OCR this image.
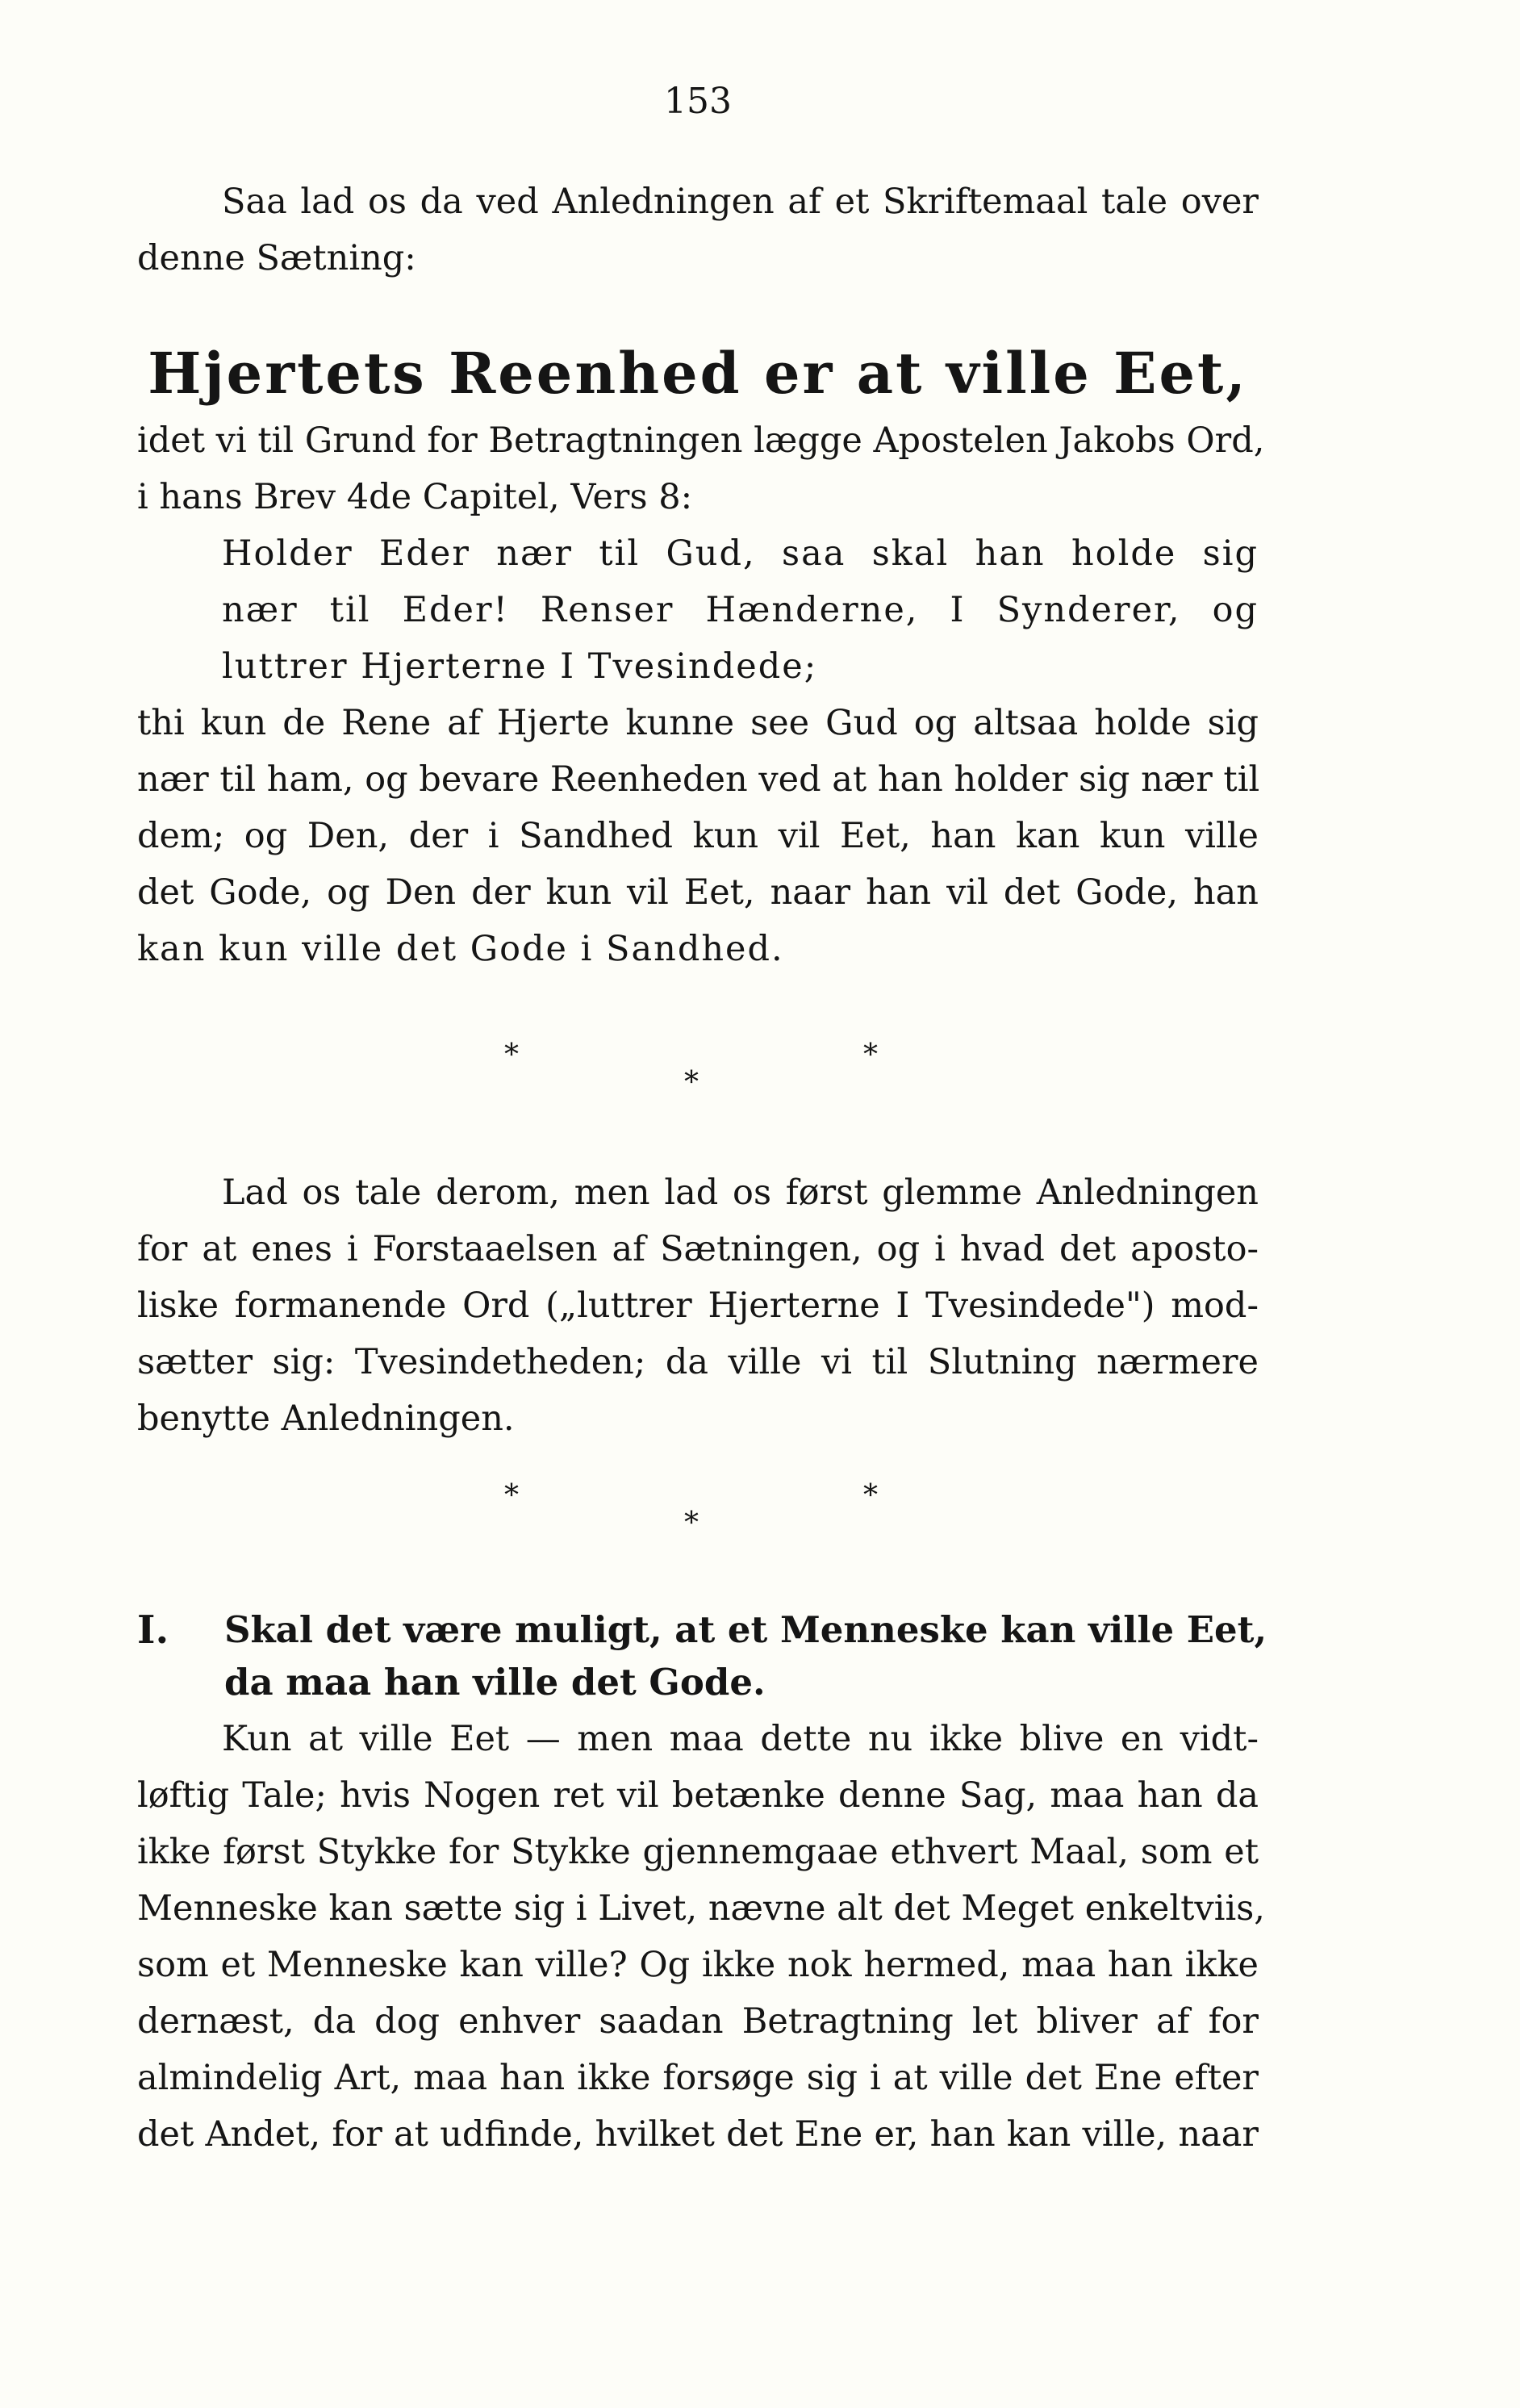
153
Saa lad os da ved Anledningen af et Skriftemaal tale over
denne Sætning:
Hjertets Reenhed er at ville Eet,
idet vi til Grund for Betragtningen lægge Apostelen Jakobs Ord,
i hans Brev 4de Capitel, Vers 8:
Holder Eder nær til Gud, saa skal han holde sig
nær til Eder! Renser Hænderne, I Synderer, og
luttrer Hjerterne I Tvesindede;
thi kun de Rene af Hjerte kunne see Gud og altsaa holde sig
nær til ham, og bevare Reenheden ved at han holder sig nær til
dem; og Den, der i Sandhed kun vil Eet, han kan kun ville
det Gode, og Den der kun vil Eet, naar han vil det Gode, han
kan kun ville det Gode i Sandhed.
*
*
*
Lad os tale derom, men lad os først glemme Anledningen
for at enes i Forstaaelsen af Sætningen, og i hvad det aposto-
liske formanende Ord („luttrer Hjerterne I Tvesindede") mod-
sætter sig: Tvesindetheden; da ville vi til Slutning nærmere
benytte Anledningen.
*
*
*
I. Skal det være muligt, at et Menneske kan ville Eet,
da maa han ville det Gode.
Kun at ville Eet — men maa dette nu ikke blive en vidt-
løftig Tale; hvis Nogen ret vil betænke denne Sag, maa han da
ikke først Stykke for Stykke gjennemgaae ethvert Maal, som et
Menneske kan sætte sig i Livet, nævne alt det Meget enkeltviis,
som et Menneske kan ville? Og ikke nok hermed, maa han ikke
dernæst, da dog enhver saadan Betragtning let bliver af for
almindelig Art, maa han ikke forsøge sig i at ville det Ene efter
det Andet, for at udfinde, hvilket det Ene er, han kan ville, naar
